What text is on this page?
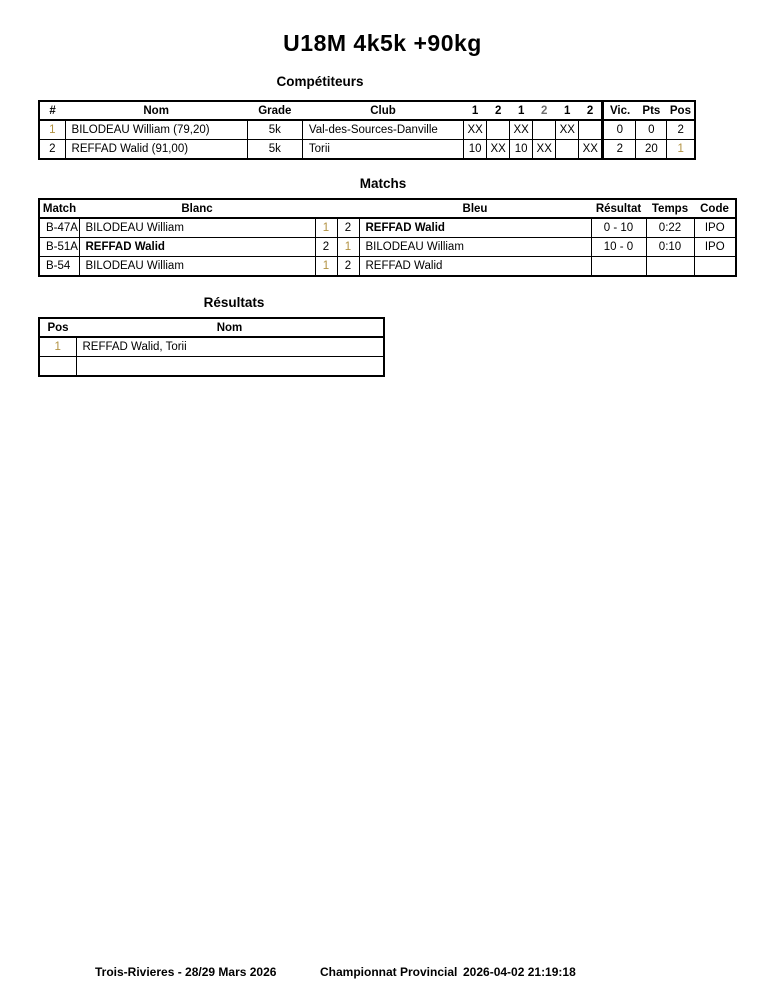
U18M 4k5k +90kg
Compétiteurs
#	Nom	Grade	Club	1	2	1	2	1	2	Vic.	Pts	Pos
1	BILODEAU William (79,20)	5k	Val-des-Sources-Danville	XX		XX		XX		0	0	2
2	REFFAD Walid (91,00)	5k	Torii	10	XX	10	XX		XX	2	20	1
Matchs
Match	Blanc			Bleu	Résultat	Temps	Code
B-47A	BILODEAU William	1	2	REFFAD Walid	0 - 10	0:22	IPO
B-51A	REFFAD Walid	2	1	BILODEAU William	10 - 0	0:10	IPO
B-54	BILODEAU William	1	2	REFFAD Walid			
Résultats
Pos	Nom
1	REFFAD Walid, Torii

Trois-Rivieres - 28/29 Mars 2026	Championnat Provincial 2026-04-02 21:19:18
